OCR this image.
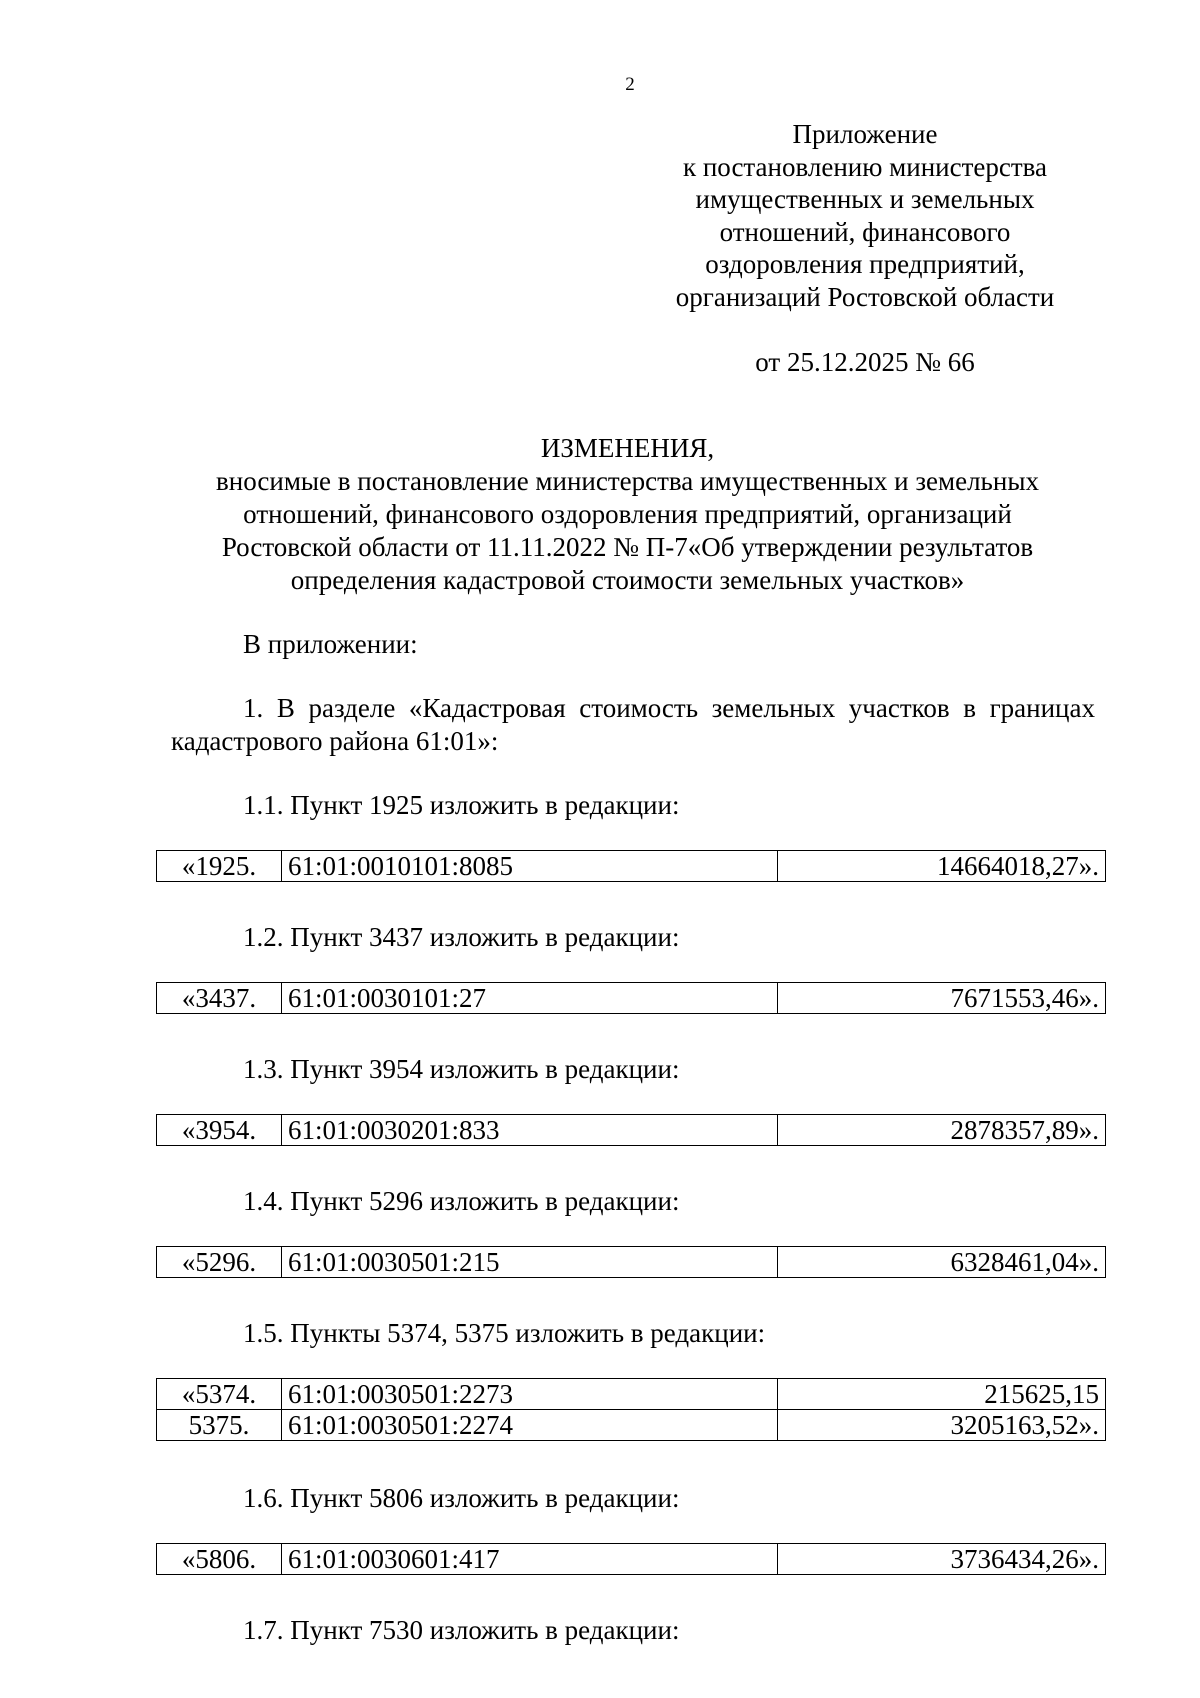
2
Приложение
к постановлению министерства
имущественных и земельных
отношений, финансового
оздоровления предприятий,
организаций Ростовской области
от 25.12.2025 № 66
ИЗМЕНЕНИЯ,
вносимые в постановление министерства имущественных и земельных
отношений, финансового оздоровления предприятий, организаций
Ростовской области от 11.11.2022 № П-7«Об утверждении результатов
определения кадастровой стоимости земельных участков»
В приложении:
1. В разделе «Кадастровая стоимость земельных участков в границах
кадастрового района 61:01»:
1.1. Пункт 1925 изложить в редакции:
«1925.	61:01:0010101:8085	14664018,27».
1.2. Пункт 3437 изложить в редакции:
«3437.	61:01:0030101:27	7671553,46».
1.3. Пункт 3954 изложить в редакции:
«3954.	61:01:0030201:833	2878357,89».
1.4. Пункт 5296 изложить в редакции:
«5296.	61:01:0030501:215	6328461,04».
1.5. Пункты 5374, 5375 изложить в редакции:
«5374.	61:01:0030501:2273	215625,15
5375.	61:01:0030501:2274	3205163,52».
1.6. Пункт 5806 изложить в редакции:
«5806.	61:01:0030601:417	3736434,26».
1.7. Пункт 7530 изложить в редакции:
